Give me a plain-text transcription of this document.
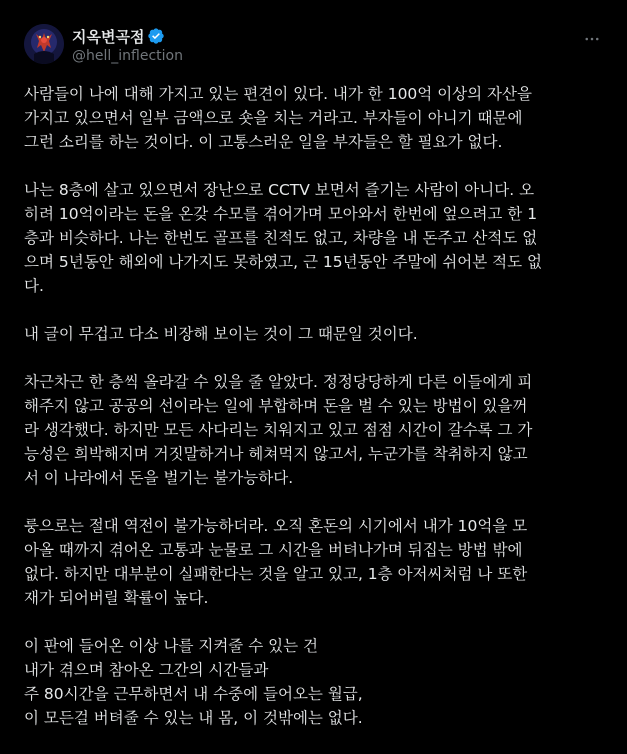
지옥변곡점
@hell_inflection
사람들이 나에 대해 가지고 있는 편견이 있다. 내가 한 100억 이상의 자산을
가지고 있으면서 일부 금액으로 숏을 치는 거라고. 부자들이 아니기 때문에
그런 소리를 하는 것이다. 이 고통스러운 일을 부자들은 할 필요가 없다.
나는 8층에 살고 있으면서 장난으로 CCTV 보면서 즐기는 사람이 아니다. 오
히려 10억이라는 돈을 온갖 수모를 겪어가며 모아와서 한번에 엎으려고 한 1
층과 비슷하다. 나는 한번도 골프를 친적도 없고, 차량을 내 돈주고 산적도 없
으며 5년동안 해외에 나가지도 못하였고, 근 15년동안 주말에 쉬어본 적도 없
다.
내 글이 무겁고 다소 비장해 보이는 것이 그 때문일 것이다.
차근차근 한 층씩 올라갈 수 있을 줄 알았다. 정정당당하게 다른 이들에게 피
해주지 않고 공공의 선이라는 일에 부합하며 돈을 벌 수 있는 방법이 있을꺼
라 생각했다. 하지만 모든 사다리는 치워지고 있고 점점 시간이 갈수록 그 가
능성은 희박해지며 거짓말하거나 헤쳐먹지 않고서, 누군가를 착취하지 않고
서 이 나라에서 돈을 벌기는 불가능하다.
룽으로는 절대 역전이 불가능하더라. 오직 혼돈의 시기에서 내가 10억을 모
아올 때까지 겪어온 고통과 눈물로 그 시간을 버텨나가며 뒤집는 방법 밖에
없다. 하지만 대부분이 실패한다는 것을 알고 있고, 1층 아저씨처럼 나 또한
재가 되어버릴 확률이 높다.
이 판에 들어온 이상 나를 지켜줄 수 있는 건
내가 겪으며 참아온 그간의 시간들과
주 80시간을 근무하면서 내 수중에 들어오는 월급,
이 모든걸 버텨줄 수 있는 내 몸, 이 것밖에는 없다.
